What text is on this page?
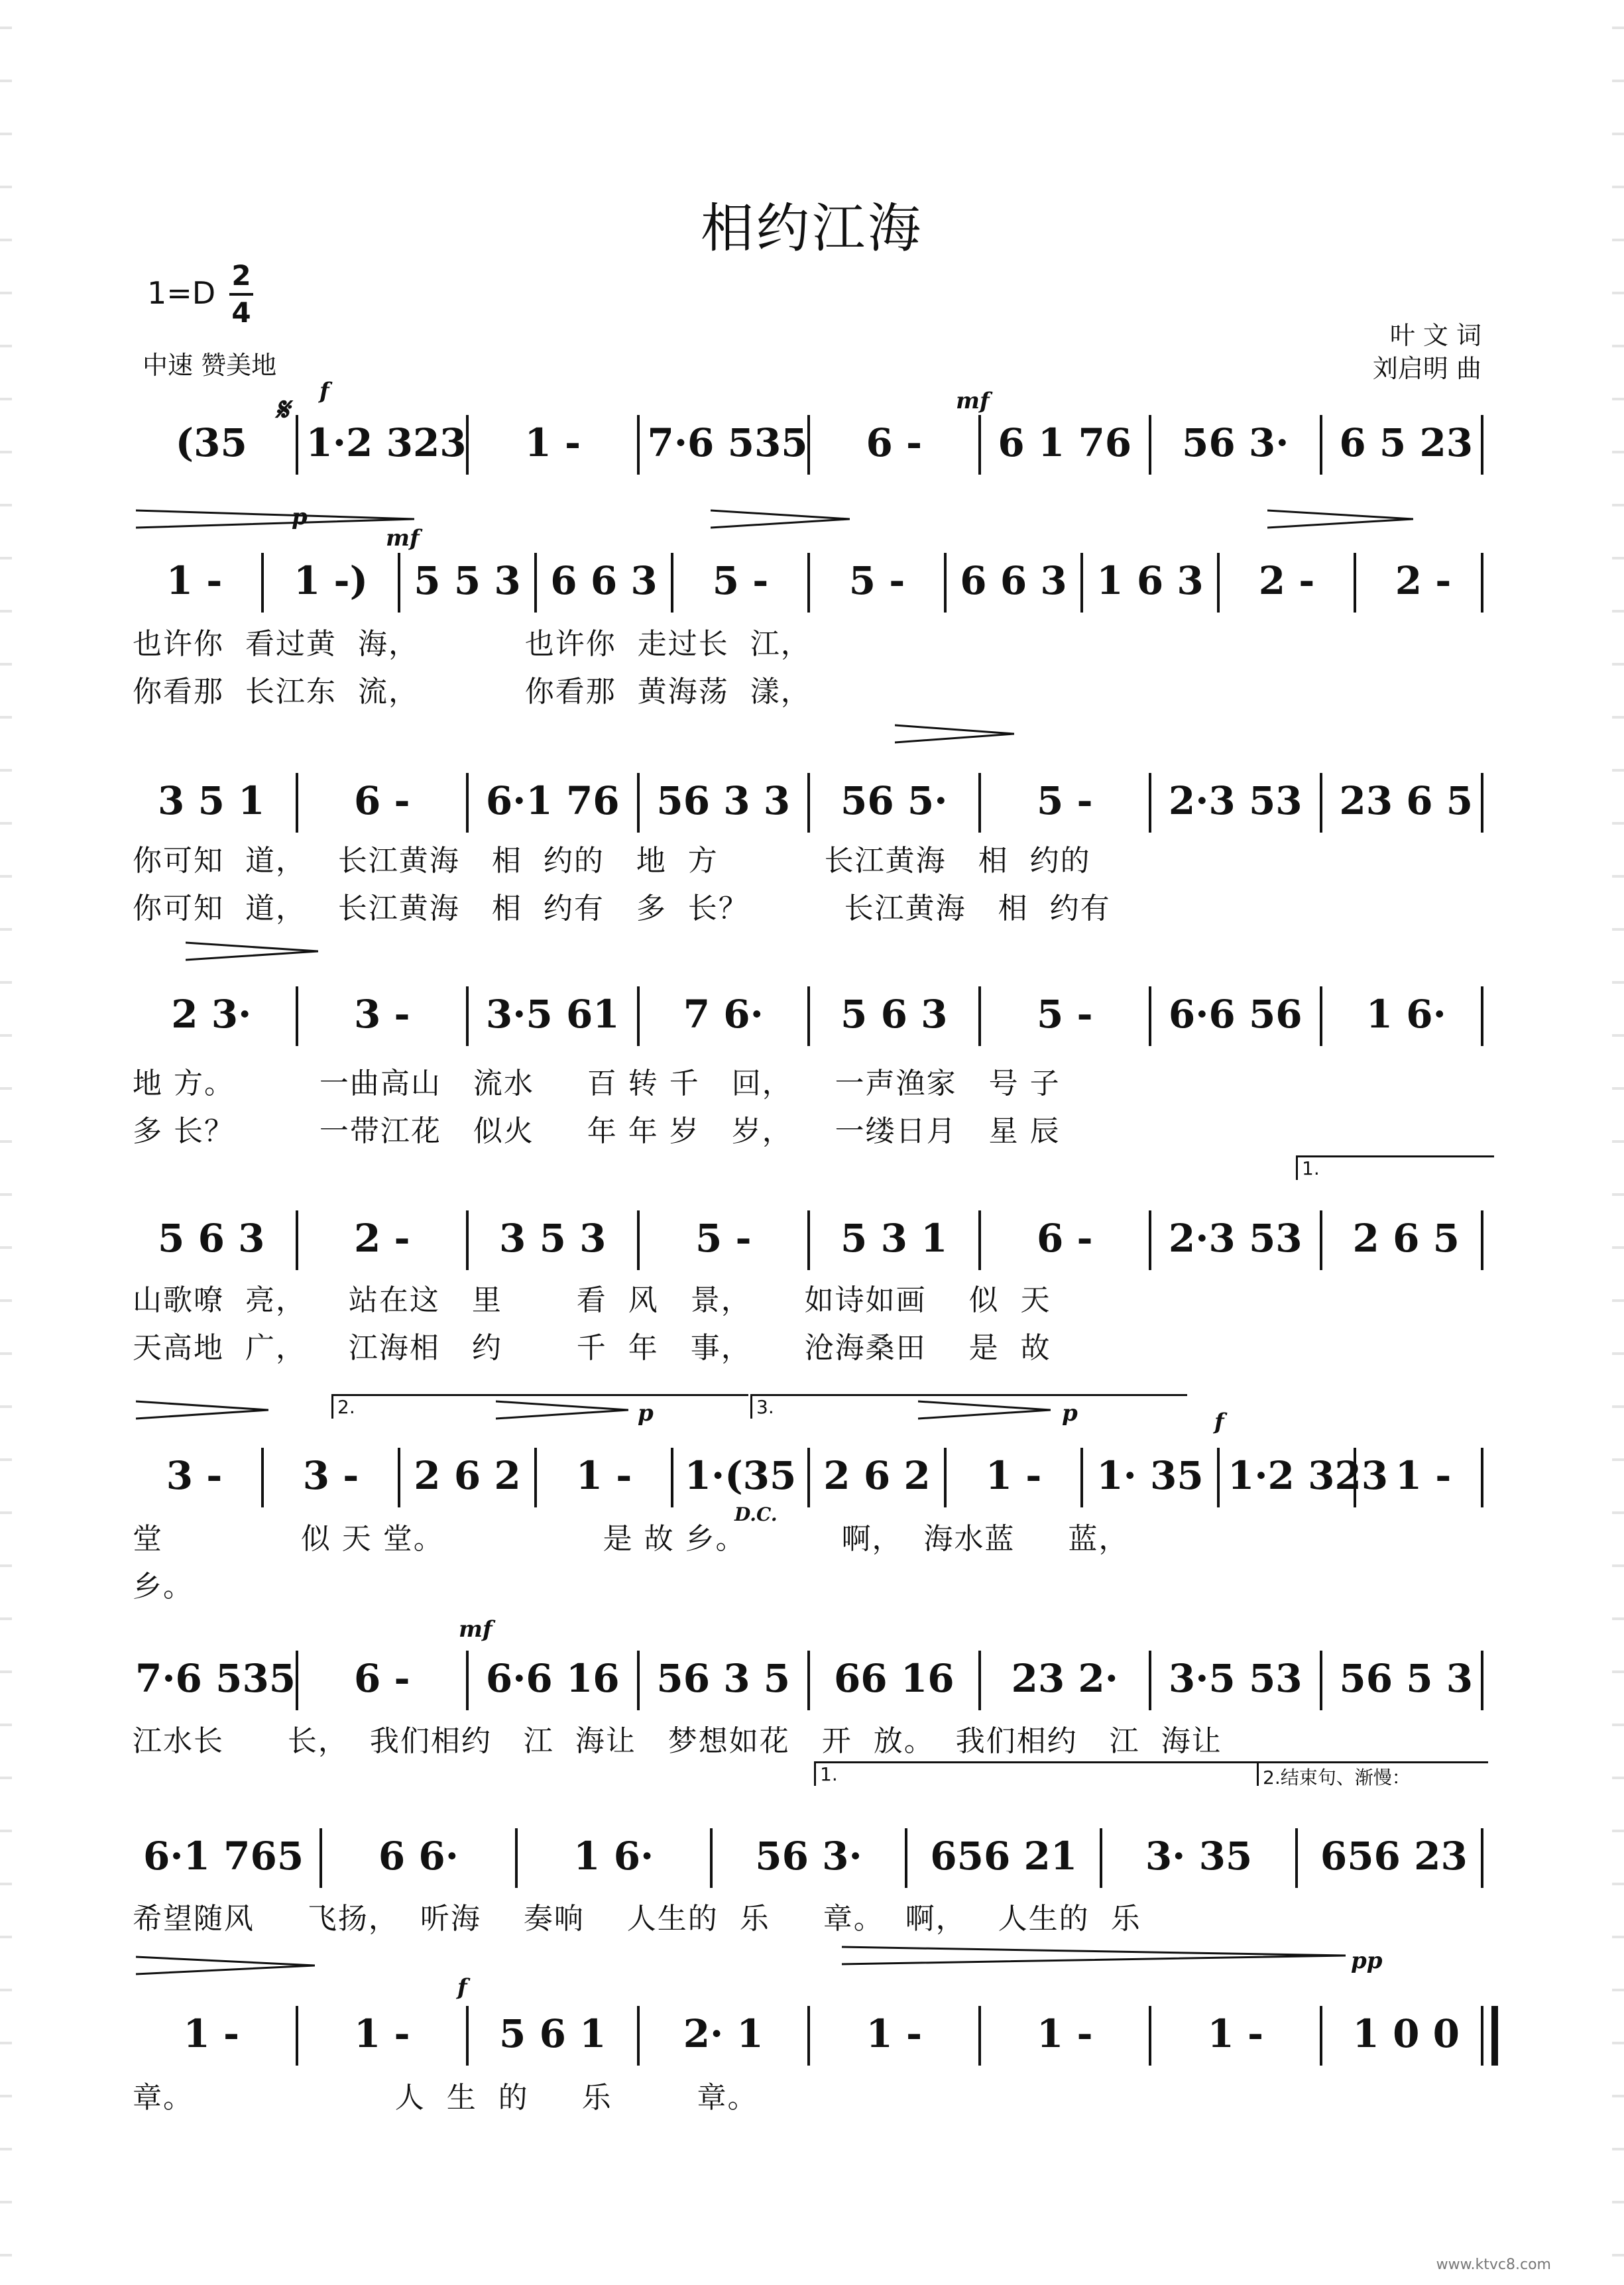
相约江海
1=D 2
4
中速 赞美地
叶 文 词
刘启明 曲
(35	1·2 323	1 -	7·6 535	6 -	6 1 76	56 3·	6 5 23
1 -	1 -)	5 5 3 6 6 3	5 -	5 -	6 6 3 1 6 3	2 -	2 -
也许你  看过黄  海，          也许你  走过长  江，
你看那  长江东  流，          你看那  黄海荡  漾，
3 5 1	6 -	6·1 76 56 3 3	56 5·	5 -	2·3 53 23 6 5
你可知  道，   长江黄海   相  约的   地  方          长江黄海   相  约的
你可知  道，   长江黄海   相  约有   多  长？         长江黄海   相  约有
2 3·	3 -	3·5 61	7 6·	5 6 3	5 -	6·6 56	1 6·
地 方。        一曲高山   流水     百 转 千   回，    一声渔家   号 子
多 长？        一带江花   似火     年 年 岁   岁，    一缕日月   星 辰
5 6 3	2 -	3 5 3	5 -	5 3 1	6 -	2·3 53	2 6 5
山歌嘹  亮，    站在这   里       看  风   景，     如诗如画    似  天
天高地  广，    江海相   约       千  年   事，     沧海桑田    是  故
3 -	3 -	2 6 2	1 -	1·(35 2 6 2	1 -	1· 35 1·2 323 1 -
堂             似 天 堂。               是 故 乡。         啊，  海水蓝     蓝，
乡。
7·6 535	6 -	6·6 16 56 3 5	66 16	23 2·	3·5 53 56 5 3
江水长      长，  我们相约   江  海让   梦想如花   开  放。  我们相约   江  海让
6·1 765	6 6·	1 6·	56 3·	656 21	3· 35	656 23
希望随风     飞扬，  听海    奏响    人生的  乐     章。  啊，   人生的  乐
1 -	1 -	5 6 1	2· 1	1 -	1 -	1 -	1 0 0
章。                   人  生  的     乐        章。
𝄋 f	mf
p
mf
f
p	p
D.C.
mf
f
pp
1.
2.	3.
1.	2.结束句、渐慢：
www.ktvc8.com
